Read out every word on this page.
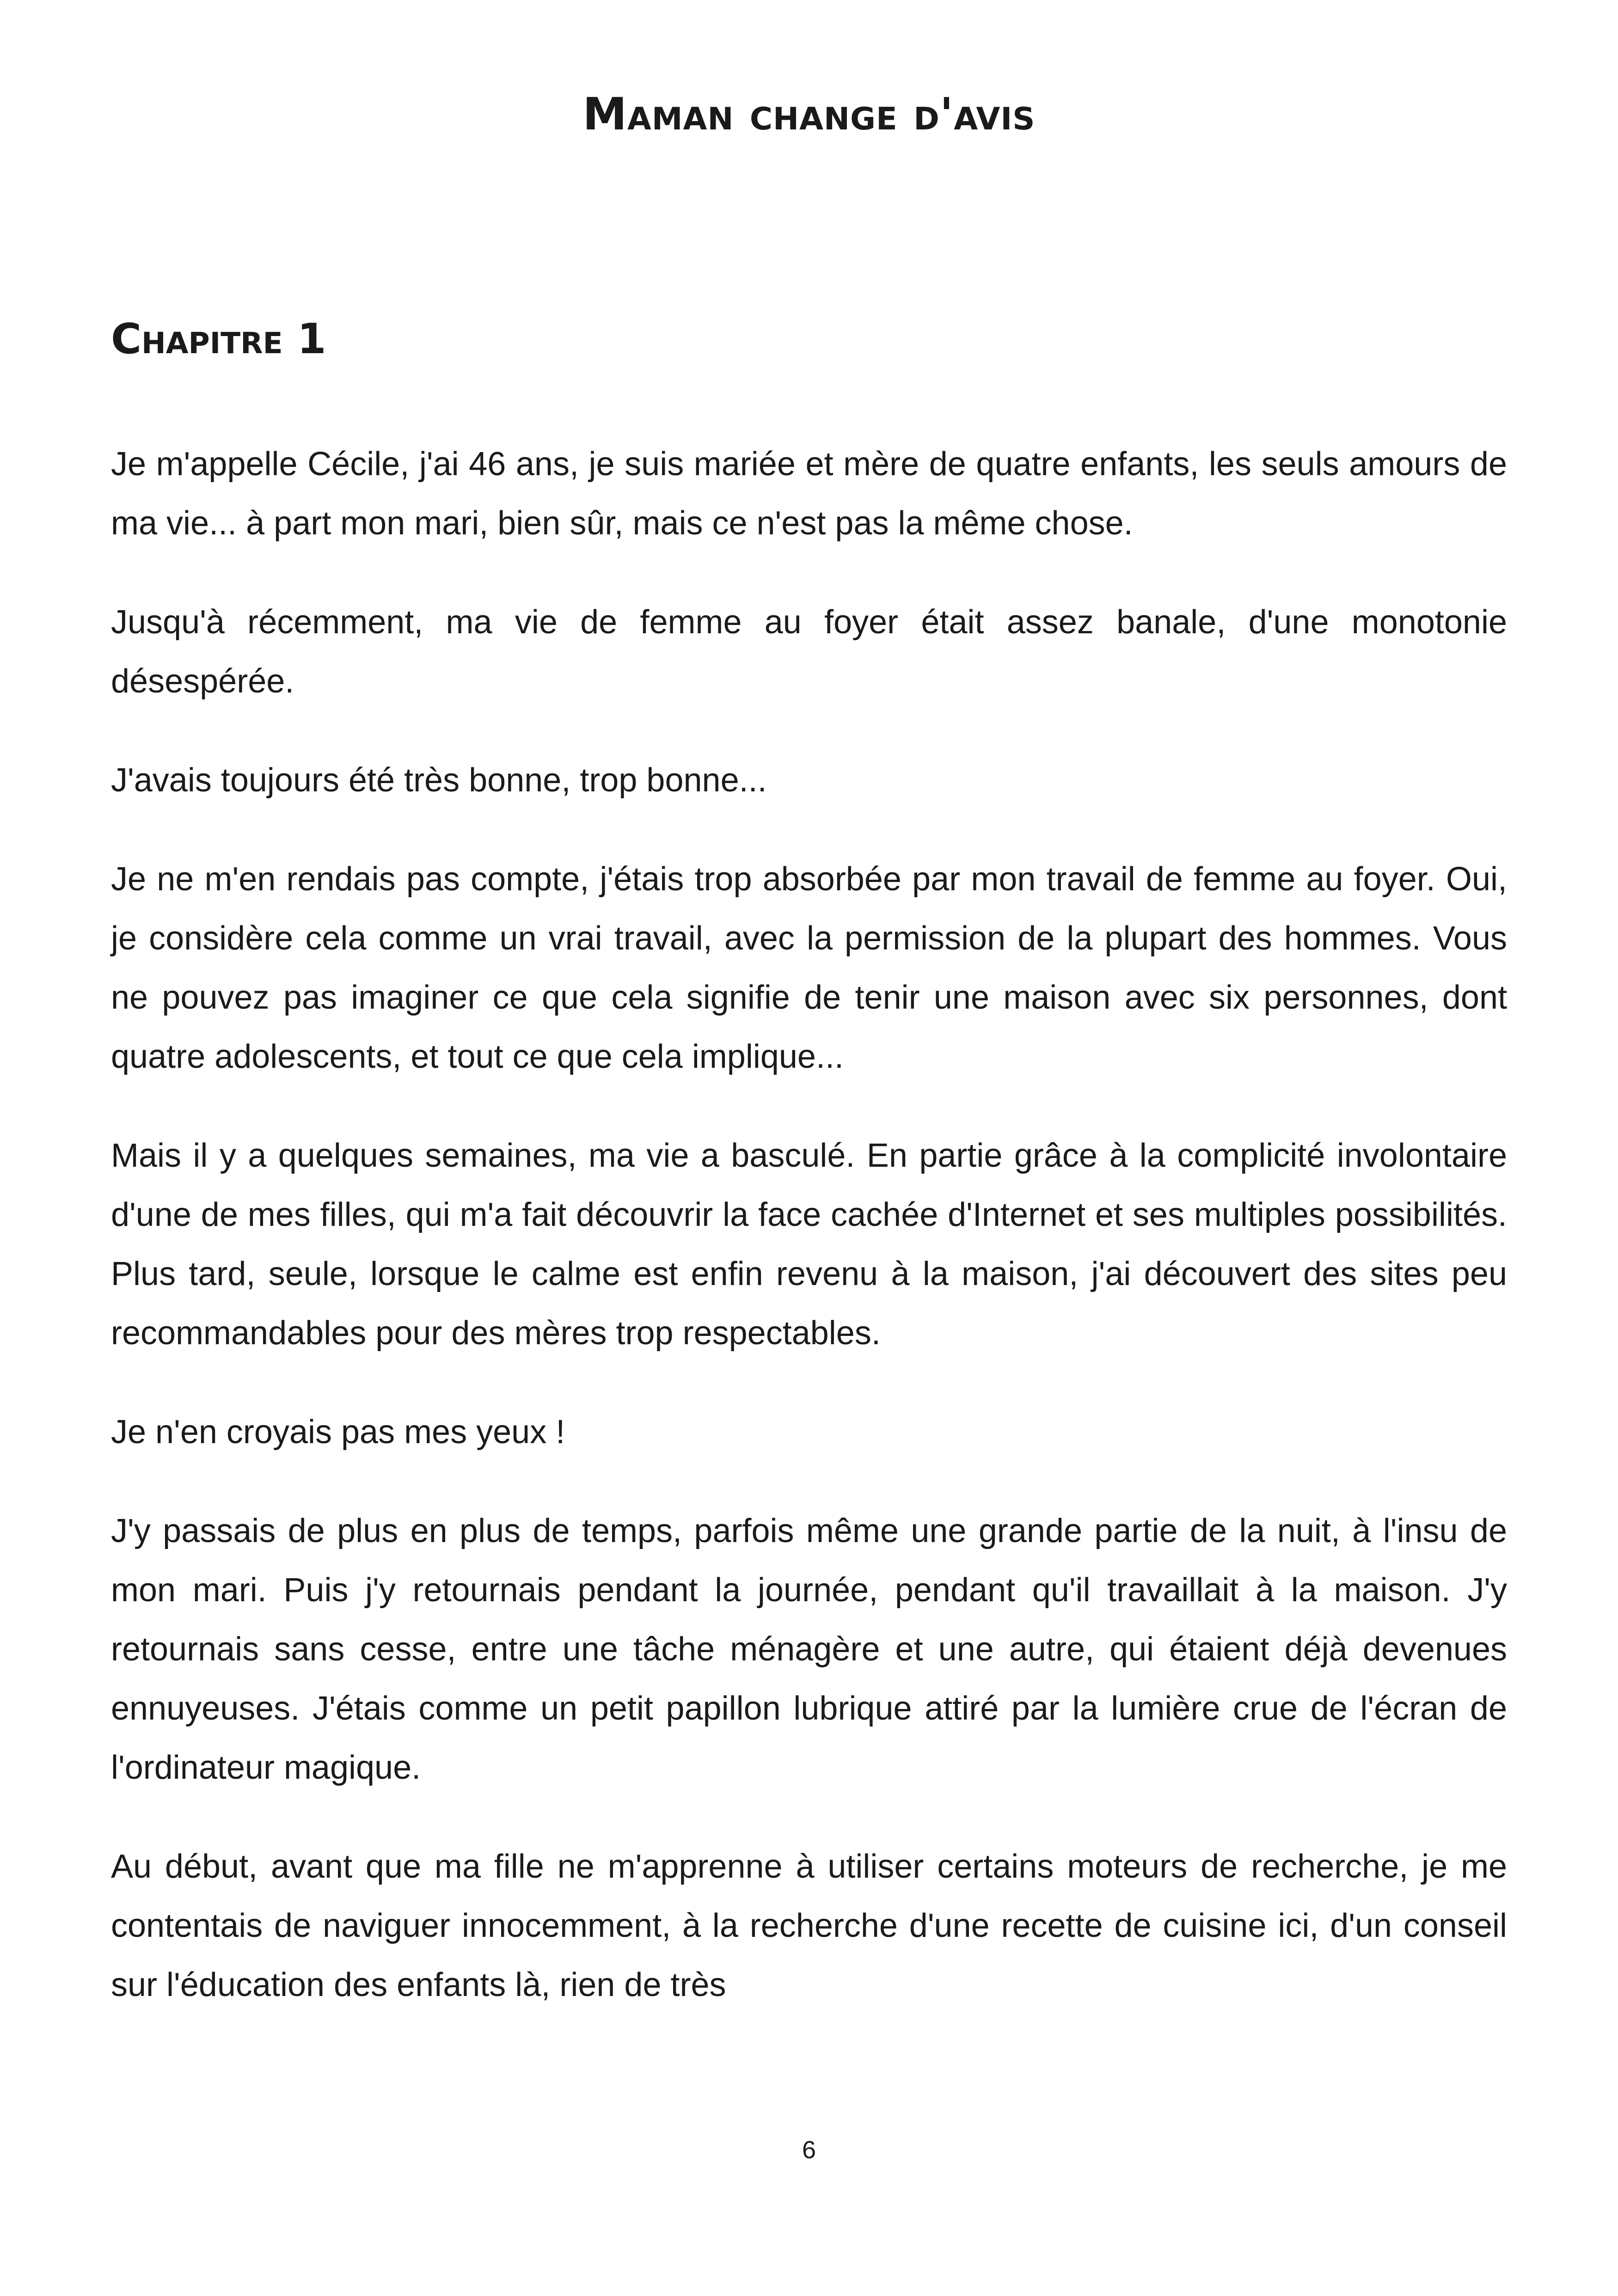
Maman change d'avis
Chapitre 1

Je m'appelle Cécile, j'ai 46 ans, je suis mariée et mère de quatre enfants, les seuls amours de ma vie... à part mon mari, bien sûr, mais ce n'est pas la même chose.

Jusqu'à récemment, ma vie de femme au foyer était assez banale, d'une monotonie désespérée.

J'avais toujours été très bonne, trop bonne...

Je ne m'en rendais pas compte, j'étais trop absorbée par mon travail de femme au foyer. Oui, je considère cela comme un vrai travail, avec la permission de la plupart des hommes. Vous ne pouvez pas imaginer ce que cela signifie de tenir une maison avec six personnes, dont quatre adolescents, et tout ce que cela implique...

Mais il y a quelques semaines, ma vie a basculé. En partie grâce à la complicité involontaire d'une de mes filles, qui m'a fait découvrir la face cachée d'Internet et ses multiples possibilités. Plus tard, seule, lorsque le calme est enfin revenu à la maison, j'ai découvert des sites peu recommandables pour des mères trop respectables.

Je n'en croyais pas mes yeux !

J'y passais de plus en plus de temps, parfois même une grande partie de la nuit, à l'insu de mon mari. Puis j'y retournais pendant la journée, pendant qu'il travaillait à la maison. J'y retournais sans cesse, entre une tâche ménagère et une autre, qui étaient déjà devenues ennuyeuses. J'étais comme un petit papillon lubrique attiré par la lumière crue de l'écran de l'ordinateur magique.

Au début, avant que ma fille ne m'apprenne à utiliser certains moteurs de recherche, je me contentais de naviguer innocemment, à la recherche d'une recette de cuisine ici, d'un conseil sur l'éducation des enfants là, rien de très

6
